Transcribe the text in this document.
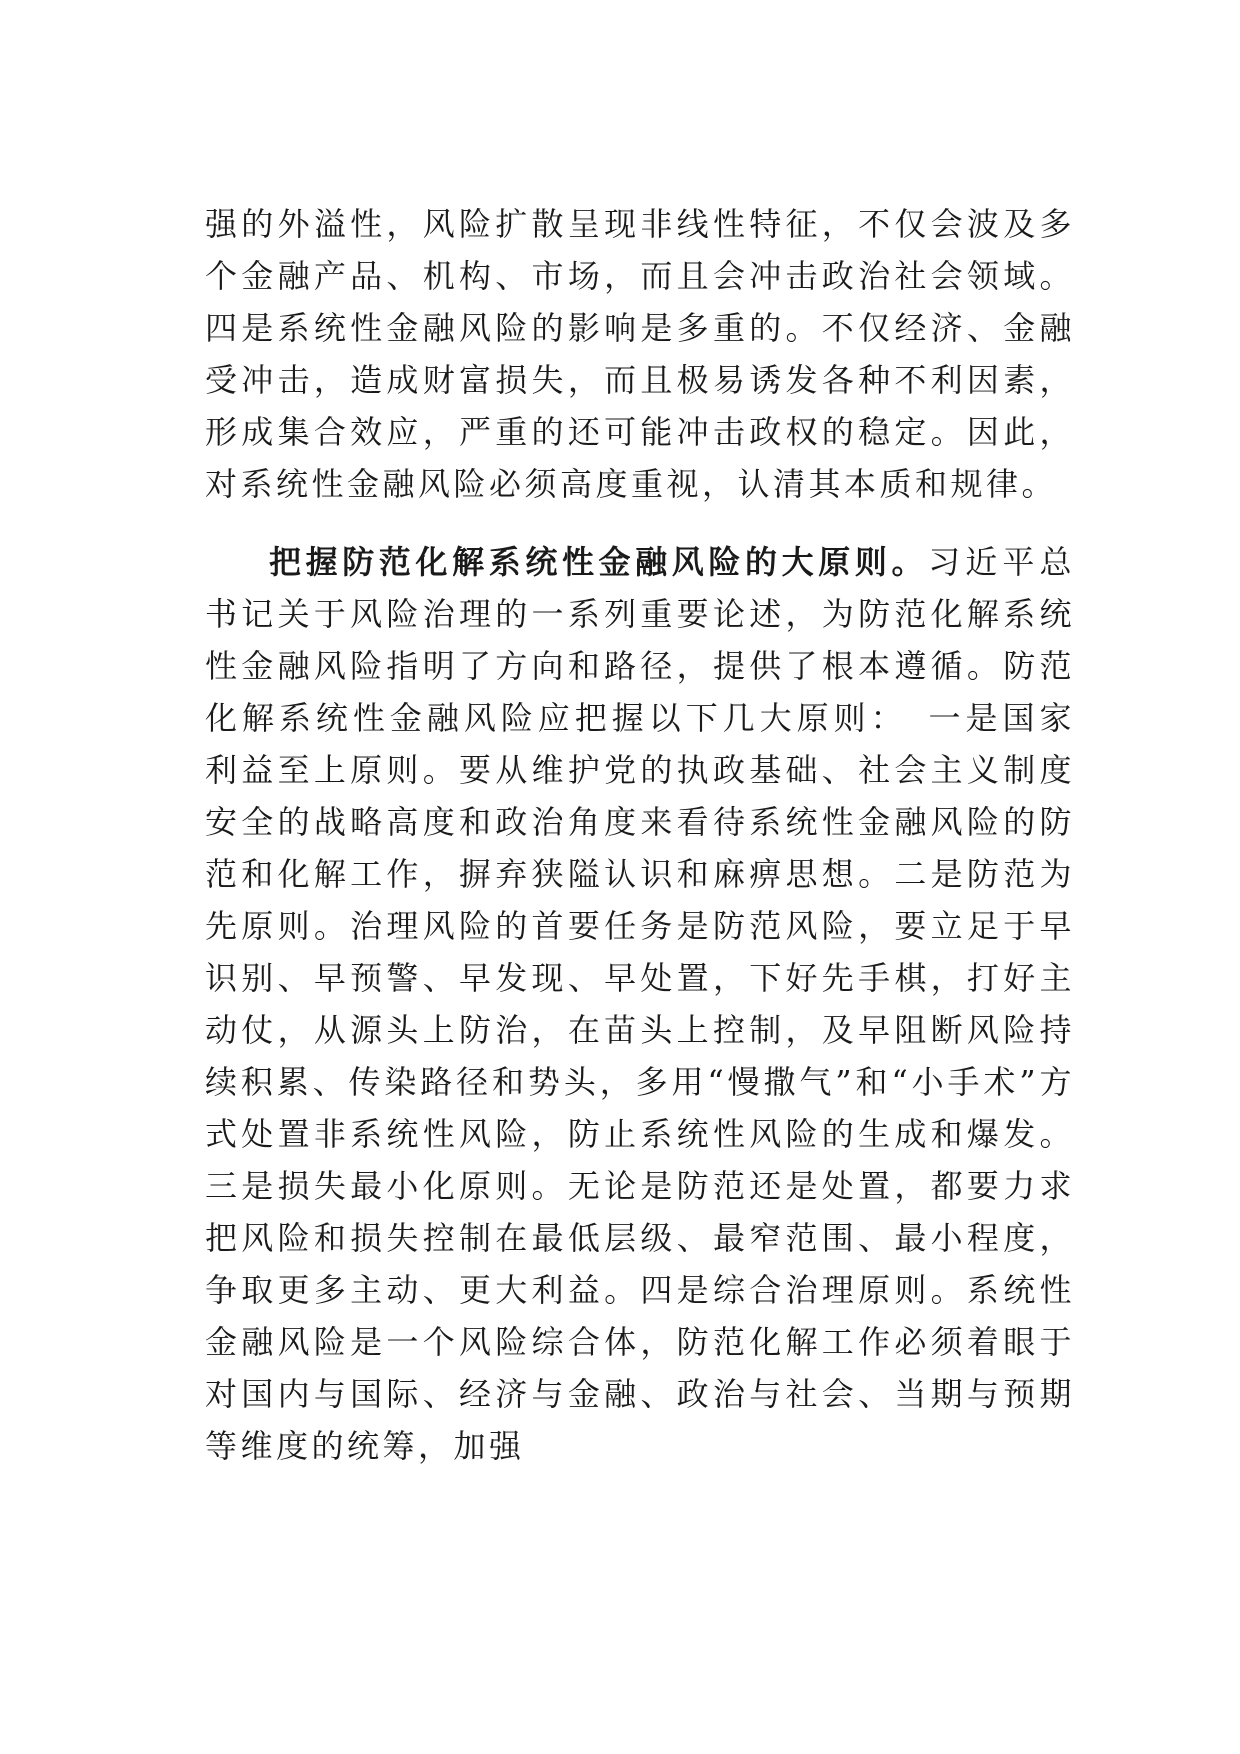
强的外溢性，风险扩散呈现非线性特征，不仅会波及多个金融产品、机构、市场，而且会冲击政治社会领域。四是系统性金融风险的影响是多重的。不仅经济、金融受冲击，造成财富损失，而且极易诱发各种不利因素，形成集合效应，严重的还可能冲击政权的稳定。因此，对系统性金融风险必须高度重视，认清其本质和规律。

把握防范化解系统性金融风险的大原则。习近平总书记关于风险治理的一系列重要论述，为防范化解系统性金融风险指明了方向和路径，提供了根本遵循。防范化解系统性金融风险应把握以下几大原则：　一是国家利益至上原则。要从维护党的执政基础、社会主义制度安全的战略高度和政治角度来看待系统性金融风险的防范和化解工作，摒弃狭隘认识和麻痹思想。二是防范为先原则。治理风险的首要任务是防范风险，要立足于早识别、早预警、早发现、早处置，下好先手棋，打好主动仗，从源头上防治，在苗头上控制，及早阻断风险持续积累、传染路径和势头，多用“慢撒气”和“小手术”方式处置非系统性风险，防止系统性风险的生成和爆发。三是损失最小化原则。无论是防范还是处置，都要力求把风险和损失控制在最低层级、最窄范围、最小程度，争取更多主动、更大利益。四是综合治理原则。系统性金融风险是一个风险综合体，防范化解工作必须着眼于对国内与国际、经济与金融、政治与社会、当期与预期等维度的统筹，加强
